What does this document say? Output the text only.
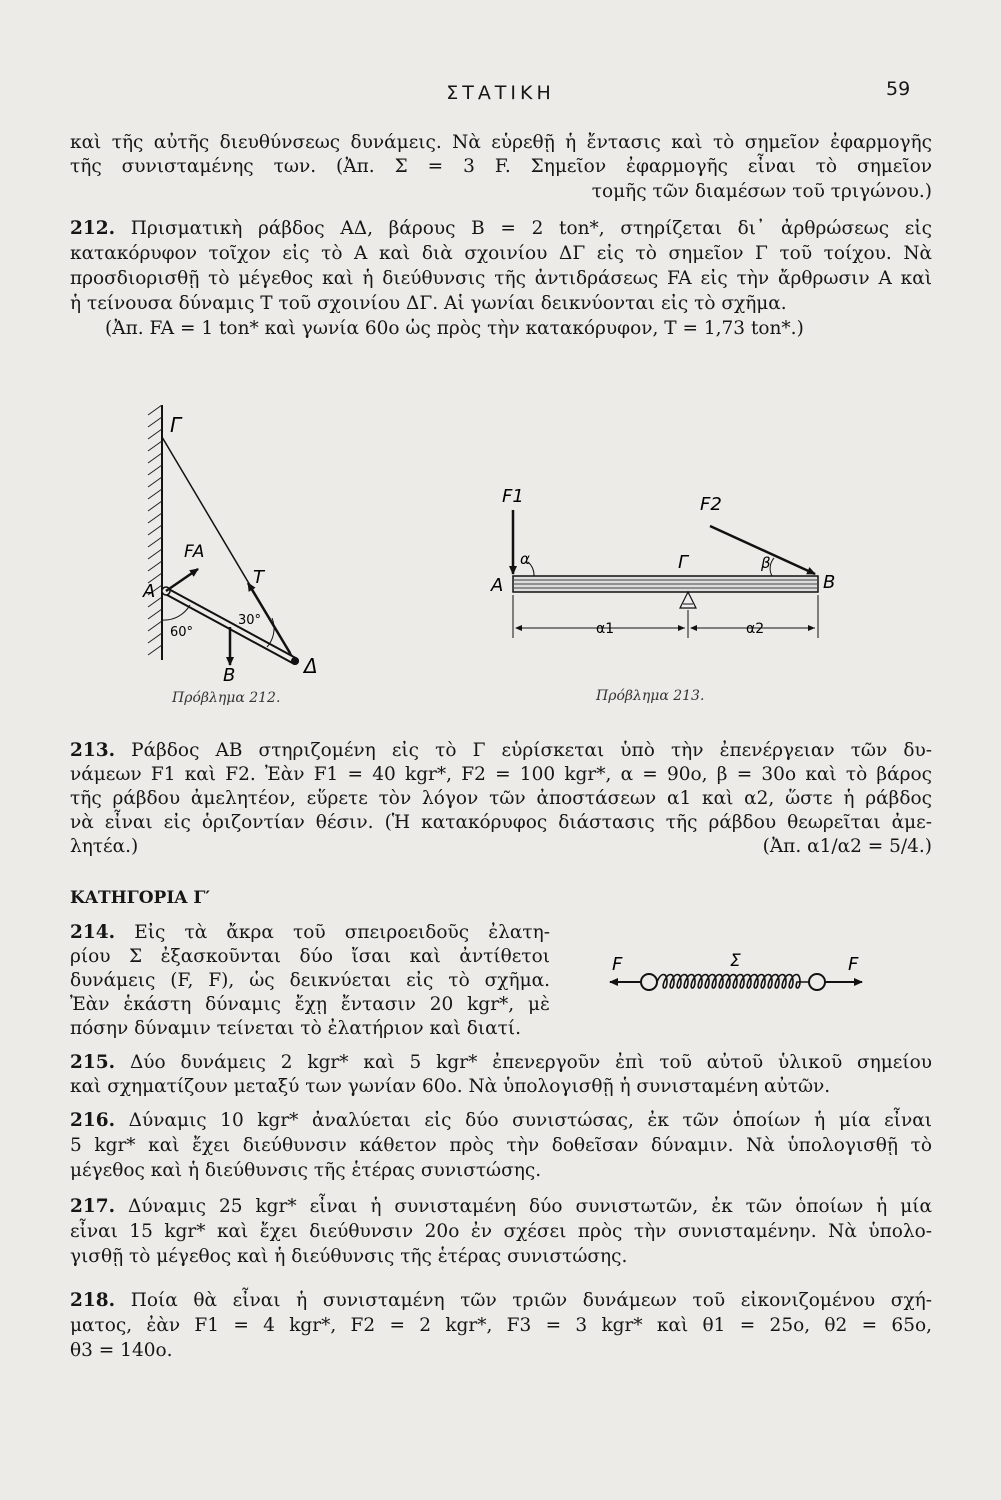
ΣΤΑΤΙΚΗ	59
καὶ τῆς αὐτῆς διευθύνσεως δυνάμεις. Νὰ εὑρεθῇ ἡ ἔντασις καὶ τὸ σημεῖον ἐφαρμογῆς
τῆς συνισταμένης των. (Ἀπ. Σ = 3 F. Σημεῖον ἐφαρμογῆς εἶναι τὸ σημεῖον
τομῆς τῶν διαμέσων τοῦ τριγώνου.)
212. Πρισματικὴ ράβδος ΑΔ, βάρους Β = 2 ton*, στηρίζεται δι᾽ ἀρθρώσεως εἰς
κατακόρυφον τοῖχον εἰς τὸ Α καὶ διὰ σχοινίου ΔΓ εἰς τὸ σημεῖον Γ τοῦ τοίχου. Νὰ
προσδιορισθῇ τὸ μέγεθος καὶ ἡ διεύθυνσις τῆς ἀντιδράσεως FA εἰς τὴν ἄρθρωσιν Α καὶ
ἡ τείνουσα δύναμις Τ τοῦ σχοινίου ΔΓ. Αἱ γωνίαι δεικνύονται εἰς τὸ σχῆμα.
(Ἀπ. FA = 1 ton* καὶ γωνία 60ο ὡς πρὸς τὴν κατακόρυφον, Τ = 1,73 ton*.)
Γ
FA
A
T
B	Δ
60°
30°
Πρόβλημα 212.
F1	F2
α	β
Γ
A	B
α1	α2
Πρόβλημα 213.
213. Ράβδος ΑΒ στηριζομένη εἰς τὸ Γ εὑρίσκεται ὑπὸ τὴν ἐπενέργειαν τῶν δυ-
νάμεων F1 καὶ F2. Ἐὰν F1 = 40 kgr*, F2 = 100 kgr*, α = 90ο, β = 30ο καὶ τὸ βάρος
τῆς ράβδου ἀμελητέον, εὕρετε τὸν λόγον τῶν ἀποστάσεων α1 καὶ α2, ὥστε ἡ ράβδος
νὰ εἶναι εἰς ὁριζοντίαν θέσιν. (Ἡ κατακόρυφος διάστασις τῆς ράβδου θεωρεῖται ἀμε-
λητέα.)	(Ἀπ. α1/α2 = 5/4.)
ΚΑΤΗΓΟΡΙΑ Γ′
214. Εἰς τὰ ἄκρα τοῦ σπειροειδοῦς ἐλατη-
ρίου Σ ἐξασκοῦνται δύο ἴσαι καὶ ἀντίθετοι
δυνάμεις (F, F), ὡς δεικνύεται εἰς τὸ σχῆμα.
Ἐὰν ἑκάστη δύναμις ἔχῃ ἔντασιν 20 kgr*, μὲ
πόσην δύναμιν τείνεται τὸ ἐλατήριον καὶ διατί.
F	Σ	F
215. Δύο δυνάμεις 2 kgr* καὶ 5 kgr* ἐπενεργοῦν ἐπὶ τοῦ αὐτοῦ ὑλικοῦ σημείου
καὶ σχηματίζουν μεταξύ των γωνίαν 60ο. Νὰ ὑπολογισθῇ ἡ συνισταμένη αὐτῶν.
216. Δύναμις 10 kgr* ἀναλύεται εἰς δύο συνιστώσας, ἐκ τῶν ὁποίων ἡ μία εἶναι
5 kgr* καὶ ἔχει διεύθυνσιν κάθετον πρὸς τὴν δοθεῖσαν δύναμιν. Νὰ ὑπολογισθῇ τὸ
μέγεθος καὶ ἡ διεύθυνσις τῆς ἑτέρας συνιστώσης.
217. Δύναμις 25 kgr* εἶναι ἡ συνισταμένη δύο συνιστωτῶν, ἐκ τῶν ὁποίων ἡ μία
εἶναι 15 kgr* καὶ ἔχει διεύθυνσιν 20ο ἐν σχέσει πρὸς τὴν συνισταμένην. Νὰ ὑπολο-
γισθῇ τὸ μέγεθος καὶ ἡ διεύθυνσις τῆς ἑτέρας συνιστώσης.
218. Ποία θὰ εἶναι ἡ συνισταμένη τῶν τριῶν δυνάμεων τοῦ εἰκονιζομένου σχή-
ματος, ἐὰν F1 = 4 kgr*, F2 = 2 kgr*, F3 = 3 kgr* καὶ θ1 = 25ο, θ2 = 65ο,
θ3 = 140ο.
